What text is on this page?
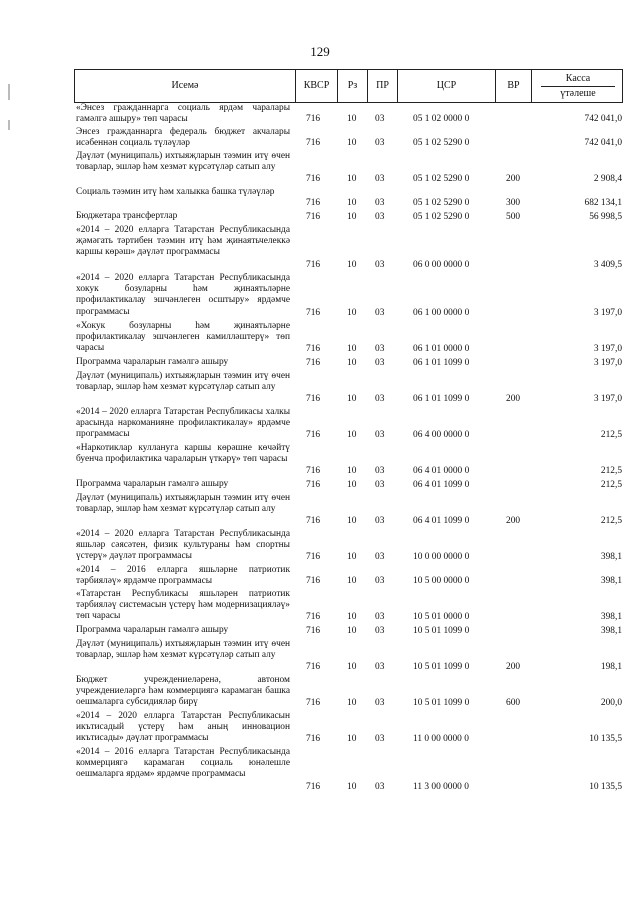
129
Исемә	КВСР	Рз	ПР	ЦСР	ВР
Касса
үтәлеше
«Энсез гражданнарга социаль ярдәм чаралары гамәлгә ашыру» төп чарасы	716	10 03	05 1 02 0000 0	742 041,0
Энсез гражданнарга федераль бюджет акчалары исәбеннән социаль түләүләр	716	10 03	05 1 02 5290 0	742 041,0
Дәүләт (муниципаль) ихтыяҗларын тәэмин итү өчен товарлар, эшләр һәм хезмәт күрсәтүләр сатып алу
716	10 03	05 1 02 5290 0	200	2 908,4
Социаль тәэмин итү һәм халыкка башка түләүләр
716	10 03	05 1 02 5290 0	300	682 134,1
Бюджетара трансфертлар	716	10 03	05 1 02 5290 0	500	56 998,5
«2014 – 2020 елларга Татарстан Республикасында җәмәгать тәртибен тәэмин итү һәм җинаятьчелеккә каршы көрәш» дәүләт программасы
716	10 03	06 0 00 0000 0	3 409,5
«2014 – 2020 елларга Татарстан Республикасында хокук бозуларны һәм җинаятьләрне профилактикалау эшчәнлеген осштыру» ярдәмче программасы	716	10 03	06 1 00 0000 0	3 197,0
«Хокук бозуларны һәм җинаятьләрне профилактикалау эшчәнлеген камилләштерү» төп чарасы	716	10 03	06 1 01 0000 0	3 197,0
Программа чараларын гамәлгә ашыру	716	10 03	06 1 01 1099 0	3 197,0
Дәүләт (муниципаль) ихтыяҗларын тәэмин итү өчен товарлар, эшләр һәм хезмәт күрсәтүләр сатып алу
716	10 03	06 1 01 1099 0	200	3 197,0
«2014 – 2020 елларга Татарстан Республикасы халкы арасында наркоманияне профилактикалау» ярдәмче программасы	716	10 03	06 4 00 0000 0	212,5
«Наркотиклар куллануга каршы көрәшне көчәйтү буенча профилактика чараларын үткәрү» төп чарасы
716	10 03	06 4 01 0000 0	212,5
Программа чараларын гамәлгә ашыру	716	10 03	06 4 01 1099 0	212,5
Дәүләт (муниципаль) ихтыяҗларын тәэмин итү өчен товарлар, эшләр һәм хезмәт күрсәтүләр сатып алу
716	10 03	06 4 01 1099 0	200	212,5
«2014 – 2020 елларга Татарстан Республикасында яшьләр сәясәтен, физик культураны һәм спортны үстерү» дәүләт программасы	716	10 03	10 0 00 0000 0	398,1
«2014 – 2016 елларга яшьләрне патриотик тәрбияләү» ярдәмче программасы	716	10 03	10 5 00 0000 0	398,1
«Татарстан Республикасы яшьләрен патриотик тәрбияләү системасын үстерү һәм модернизацияләү» төп чарасы	716	10 03	10 5 01 0000 0	398,1
Программа чараларын гамәлгә ашыру	716	10 03	10 5 01 1099 0	398,1
Дәүләт (муниципаль) ихтыяҗларын тәэмин итү өчен товарлар, эшләр һәм хезмәт күрсәтүләр сатып алу
716	10 03	10 5 01 1099 0	200	198,1
Бюджет учреждениеләренә, автоном учреждениеләргә һәм коммерциягә карамаган башка оешмаларга субсидияләр бирү	716	10 03	10 5 01 1099 0	600	200,0
«2014 – 2020 елларга Татарстан Республикасын икътисадый үстерү һәм аның инновацион икътисады» дәүләт программасы	716	10 03	11 0 00 0000 0	10 135,5
«2014 – 2016 елларга Татарстан Республикасында коммерциягә карамаган социаль юнәлешле оешмаларга ярдәм» ярдәмче программасы
716	10 03	11 3 00 0000 0	10 135,5
